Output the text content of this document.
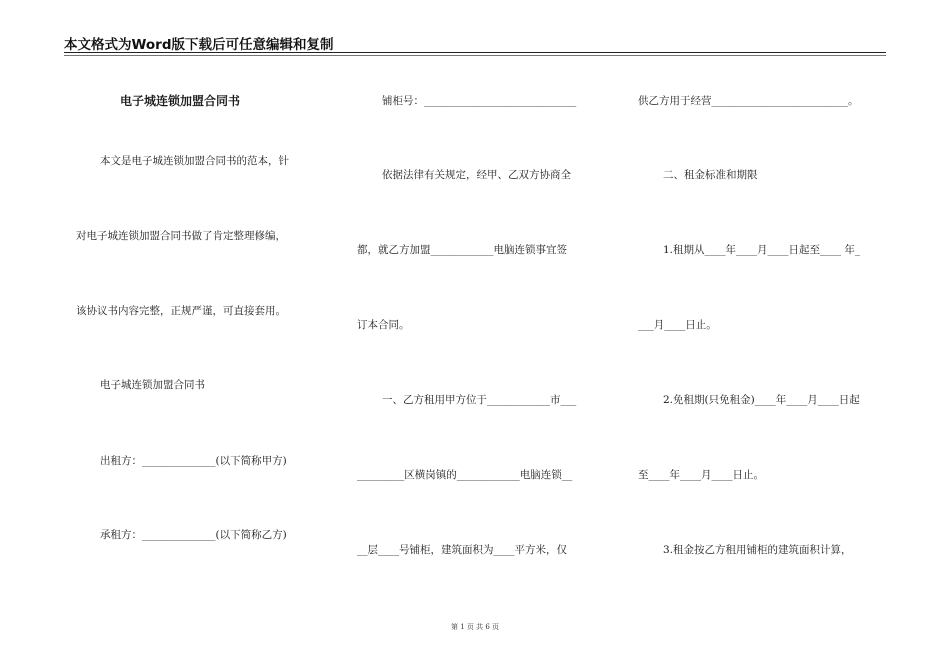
本文格式为Word版下载后可任意编辑和复制
电子城连锁加盟合同书
本文是电子城连锁加盟合同书的范本，针
对电子城连锁加盟合同书做了肯定整理修编，
该协议书内容完整，正规严谨，可直接套用。
电子城连锁加盟合同书
出租方：______________(以下简称甲方)
承租方：______________(以下简称乙方)
铺柜号：_____________________________
依据法律有关规定，经甲、乙双方协商全
都，就乙方加盟____________电脑连锁事宜签
订本合同。
一、乙方租用甲方位于____________市___
_________区横岗镇的____________电脑连锁__
__层____号铺柜，建筑面积为____平方米，仅
供乙方用于经营__________________________。
二、租金标准和期限
1.租期从____年____月____日起至____ 年_
___月____日止。
2.免租期(只免租金)____年____月____日起
至____年____月____日止。
3.租金按乙方租用铺柜的建筑面积计算，
第 1 页 共 6 页
